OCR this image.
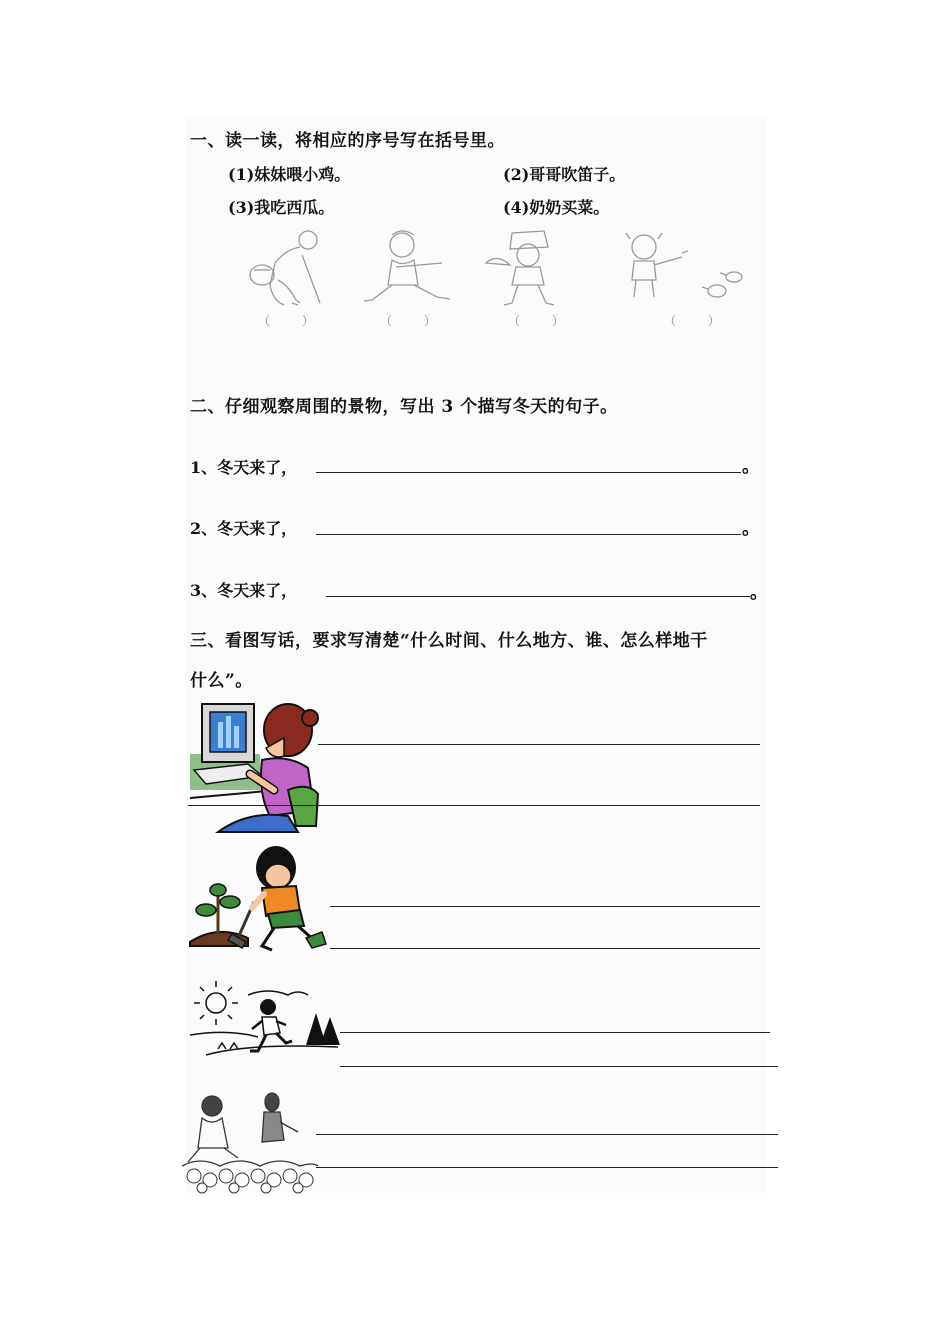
一、读一读，将相应的序号写在括号里。
(1)妹妹喂小鸡。	(2)哥哥吹笛子。
(3)我吃西瓜。	(4)奶奶买菜。
（ ）	（ ）	（ ）	（ ）
二、仔细观察周围的景物，写出 3 个描写冬天的句子。
1、冬天来了，	。
2、冬天来了，	。
3、冬天来了，	。
三、看图写话，要求写清楚“什么时间、什么地方、谁、怎么样地干
什么”。
